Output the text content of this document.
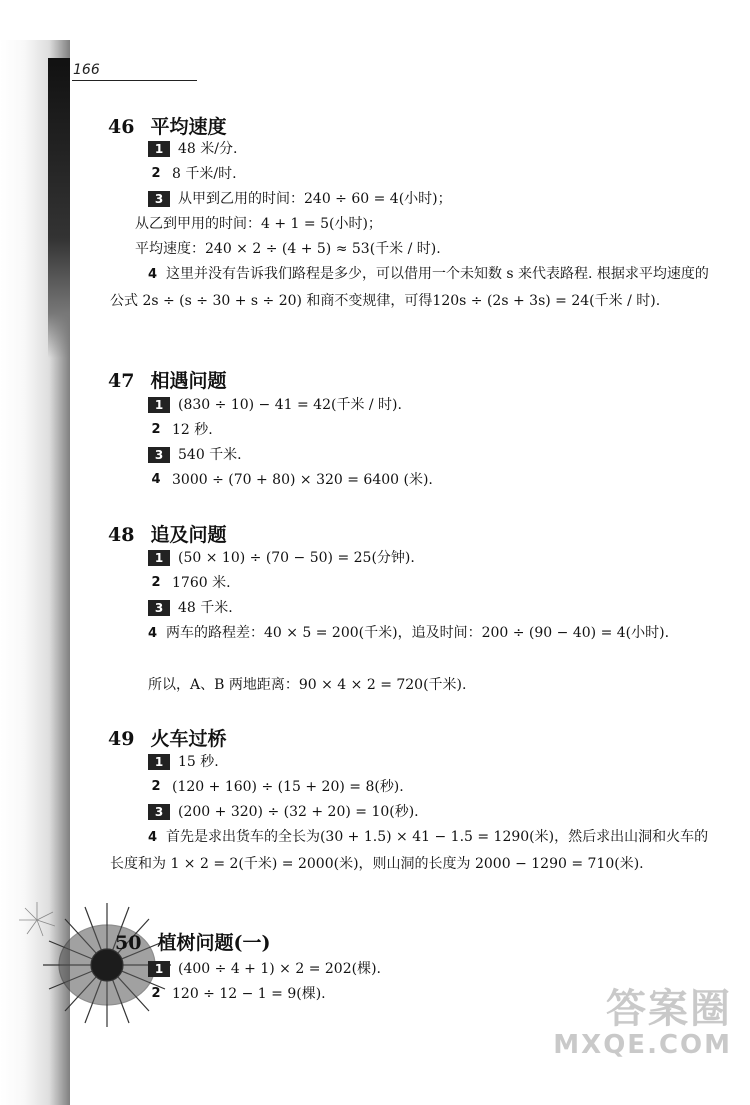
166
46 平均速度
1	48 米/分.
2 8 千米/时.
3	从甲到乙用的时间：240 ÷ 60 = 4(小时)；
从乙到甲用的时间：4 + 1 = 5(小时)；
平均速度：240 × 2 ÷ (4 + 5) ≈ 53(千米 / 时).
4 这里并没有告诉我们路程是多少，可以借用一个未知数 s 来代表路程. 根据求平均速度的公式 2s ÷ (s ÷ 30 + s ÷ 20) 和商不变规律，可得120s ÷ (2s + 3s) = 24(千米 / 时).
47 相遇问题
1	(830 ÷ 10) − 41 = 42(千米 / 时).
2 12 秒.
3	540 千米.
4 3000 ÷ (70 + 80) × 320 = 6400 (米).
48 追及问题
1	(50 × 10) ÷ (70 − 50) = 25(分钟).
2 1760 米.
3	48 千米.
4 两车的路程差：40 × 5 = 200(千米)，追及时间：200 ÷ (90 − 40) = 4(小时).
所以，A、B 两地距离：90 × 4 × 2 = 720(千米).
49 火车过桥
1	15 秒.
2 (120 + 160) ÷ (15 + 20) = 8(秒).
3	(200 + 320) ÷ (32 + 20) = 10(秒).
4 首先是求出货车的全长为(30 + 1.5) × 41 − 1.5 = 1290(米)，然后求出山洞和火车的长度和为 1 × 2 = 2(千米) = 2000(米)，则山洞的长度为 2000 − 1290 = 710(米).
50 植树问题(一)
1	(400 ÷ 4 + 1) × 2 = 202(棵).
2 120 ÷ 12 − 1 = 9(棵).	答案圈
MXQE.COM
